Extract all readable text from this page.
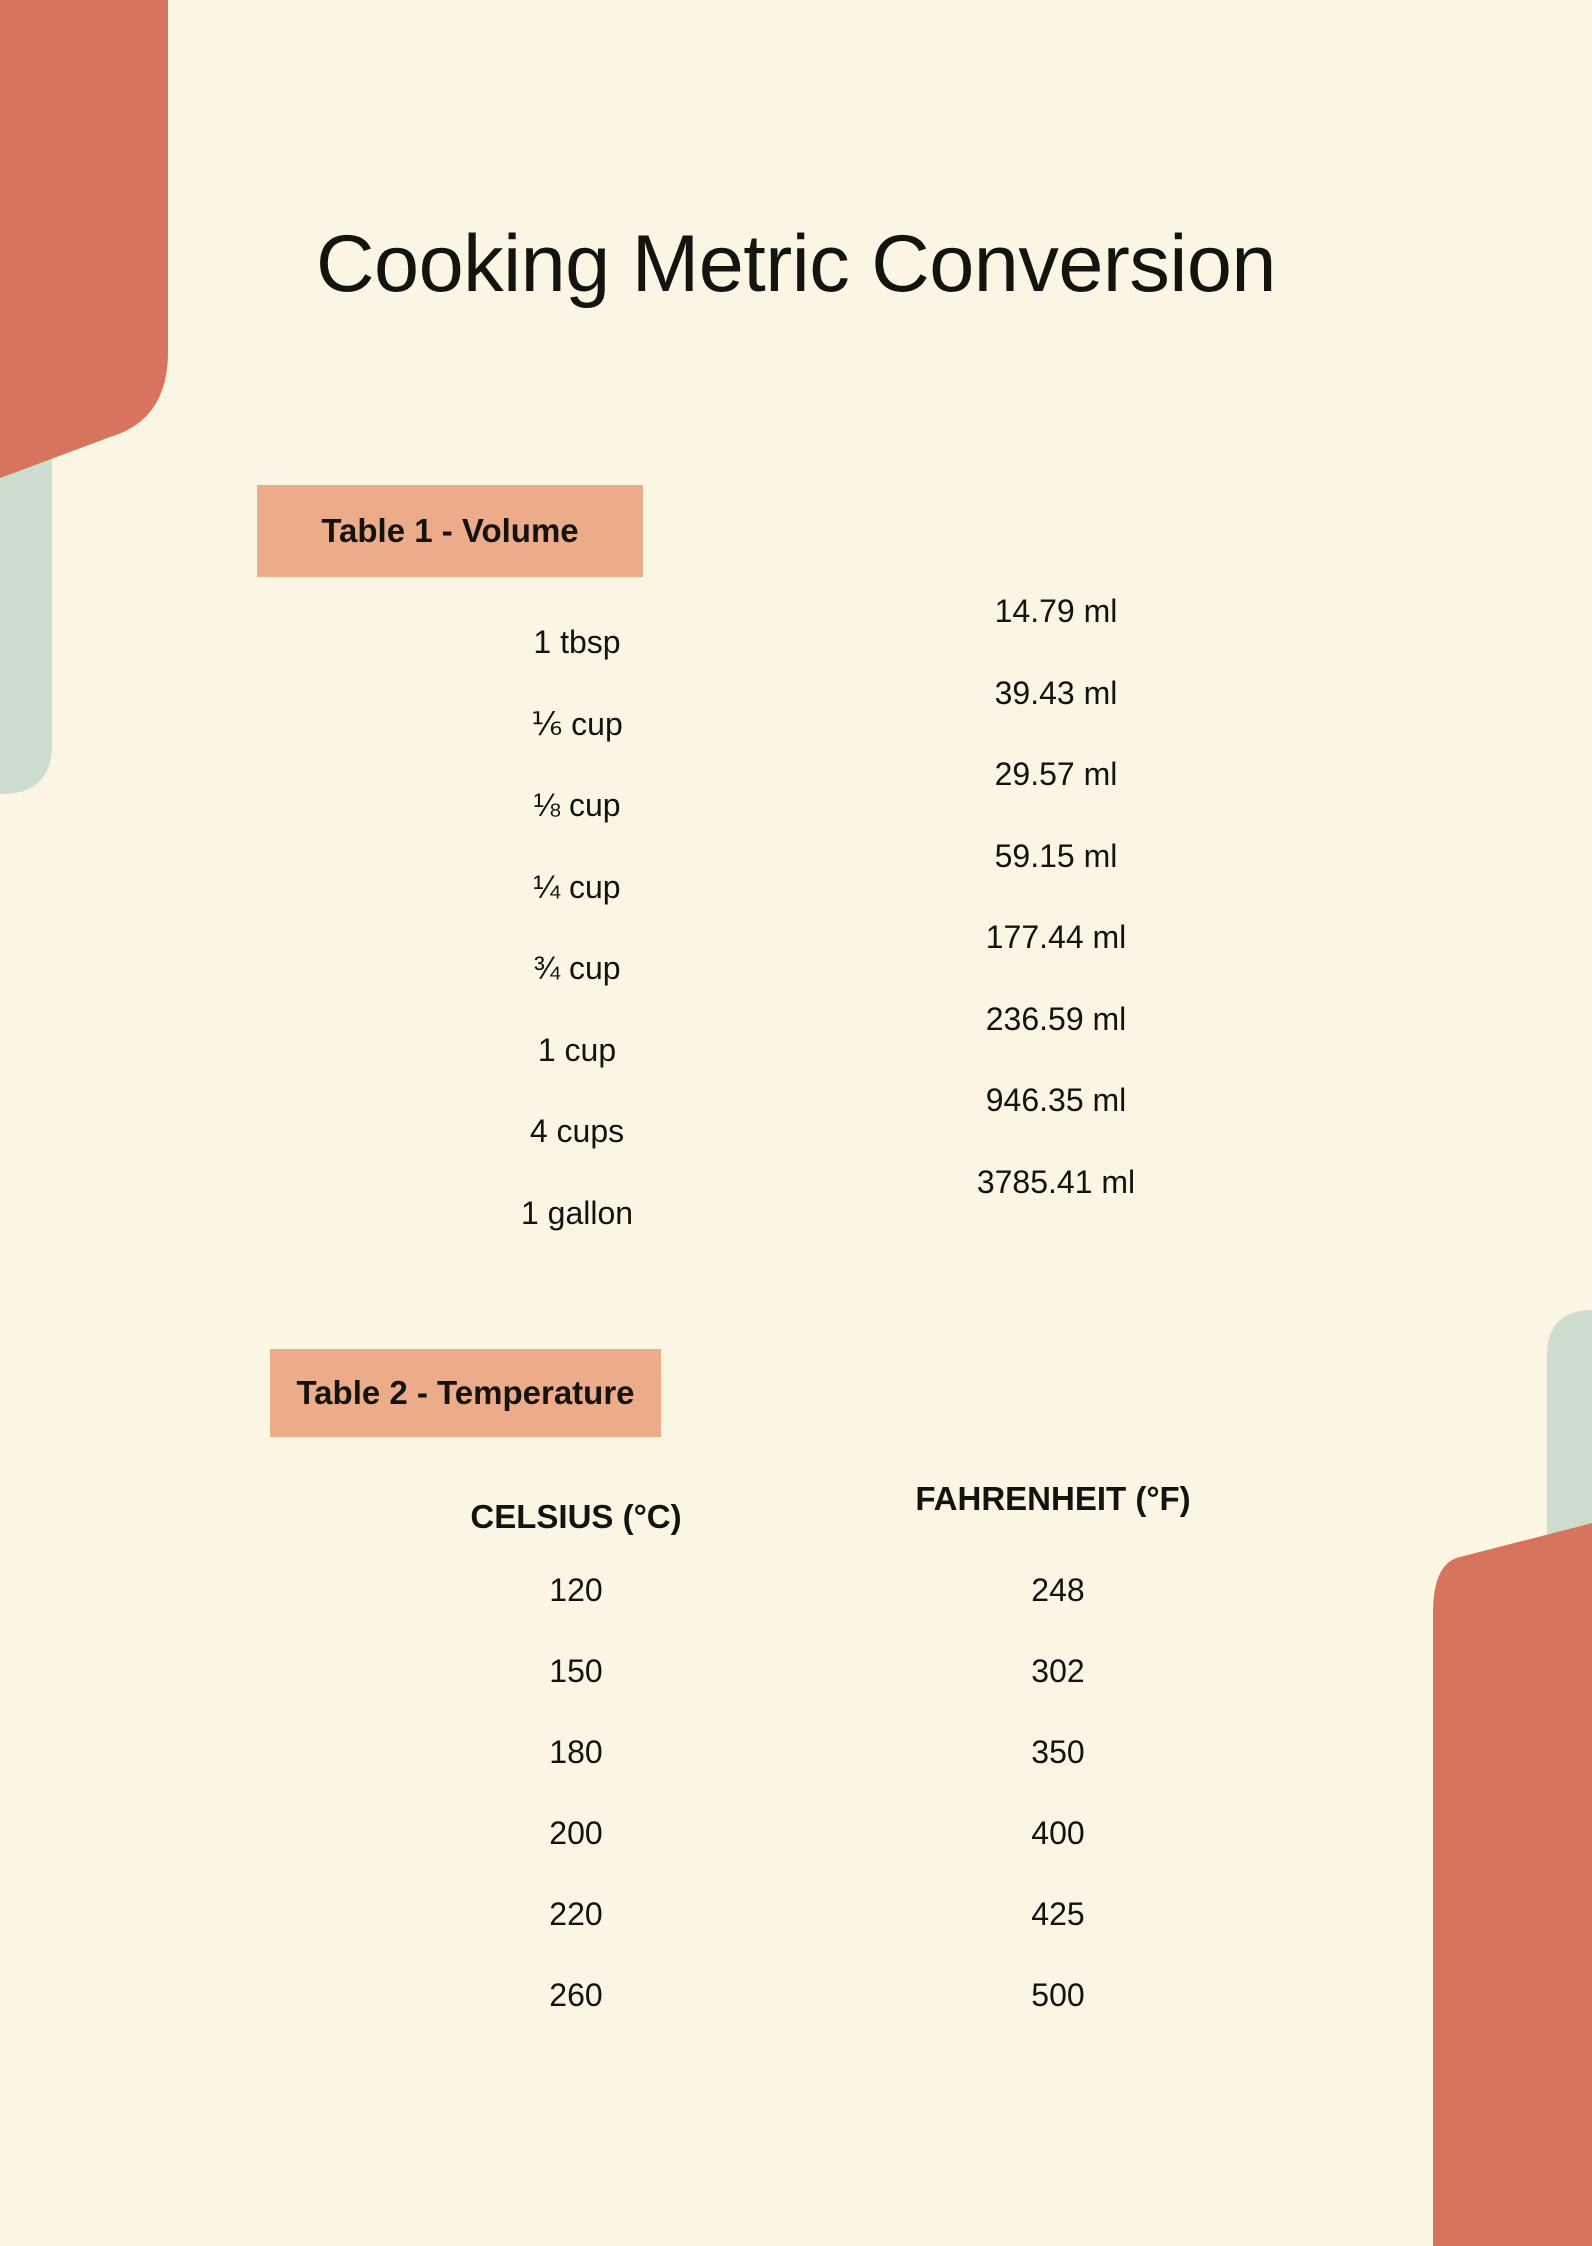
Cooking Metric Conversion
Table 1 - Volume
1 tbsp
⅙ cup
⅛ cup
¼ cup
¾ cup
1 cup
4 cups
1 gallon
14.79 ml
39.43 ml
29.57 ml
59.15 ml
177.44 ml
236.59 ml
946.35 ml
3785.41 ml
Table 2 - Temperature
CELSIUS (°C)	FAHRENHEIT (°F)
120
150
180
200
220
260
248
302
350
400
425
500
